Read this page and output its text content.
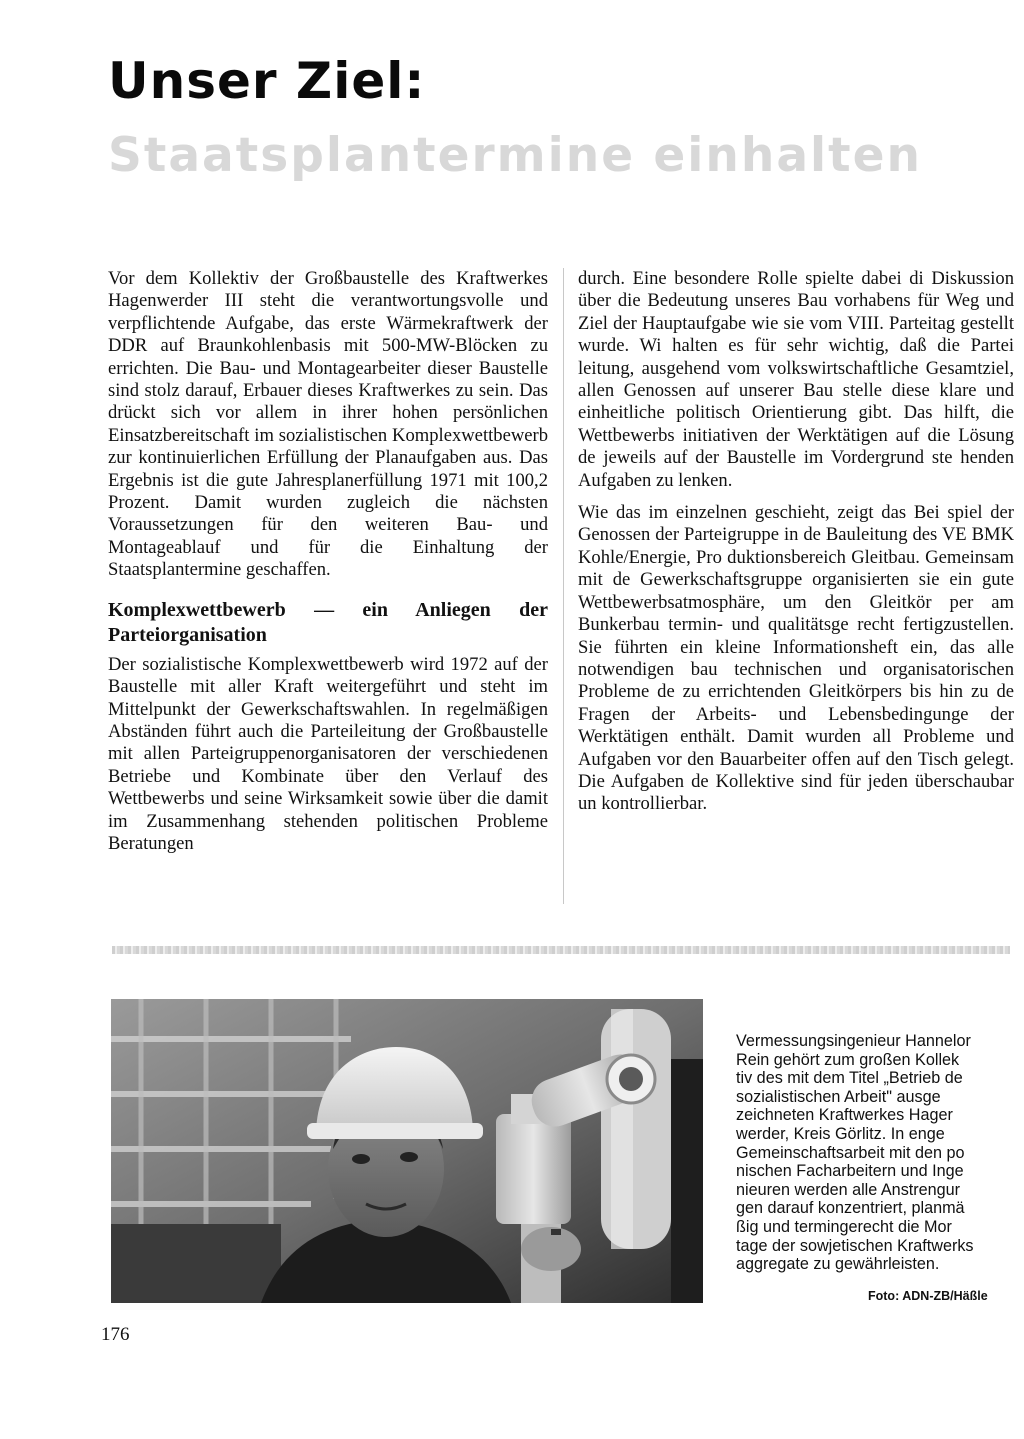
Unser Ziel:
Staatsplantermine einhalten

Vor dem Kollektiv der Großbaustelle des Kraftwerkes Hagenwerder III steht die verantwortungsvolle und verpflichtende Aufgabe, das erste Wärmekraftwerk der DDR auf Braunkohlenbasis mit 500-MW-Blöcken zu errichten. Die Bau- und Montagearbeiter dieser Baustelle sind stolz darauf, Erbauer dieses Kraftwerkes zu sein. Das drückt sich vor allem in ihrer hohen persönlichen Einsatzbereitschaft im sozialistischen Komplexwettbewerb zur kontinuierlichen Erfüllung der Planaufgaben aus. Das Ergebnis ist die gute Jahresplanerfüllung 1971 mit 100,2 Prozent. Damit wurden zugleich die nächsten Voraussetzungen für den weiteren Bau- und Montageablauf und für die Einhaltung der Staatsplantermine geschaffen.

Komplexwettbewerb — ein Anliegen der Parteiorganisation

Der sozialistische Komplexwettbewerb wird 1972 auf der Baustelle mit aller Kraft weitergeführt und steht im Mittelpunkt der Gewerkschaftswahlen. In regelmäßigen Abständen führt auch die Parteileitung der Großbaustelle mit allen Parteigruppenorganisatoren der verschiedenen Betriebe und Kombinate über den Verlauf des Wettbewerbs und seine Wirksamkeit sowie über die damit im Zusammenhang stehenden politischen Probleme Beratungen

durch. Eine besondere Rolle spielte dabei di Diskussion über die Bedeutung unseres Bau vorhabens für Weg und Ziel der Hauptaufgabe wie sie vom VIII. Parteitag gestellt wurde. Wi halten es für sehr wichtig, daß die Partei leitung, ausgehend vom volkswirtschaftliche Gesamtziel, allen Genossen auf unserer Bau stelle diese klare und einheitliche politisch Orientierung gibt. Das hilft, die Wettbewerbs initiativen der Werktätigen auf die Lösung de jeweils auf der Baustelle im Vordergrund ste henden Aufgaben zu lenken.

Wie das im einzelnen geschieht, zeigt das Bei spiel der Genossen der Parteigruppe in de Bauleitung des VE BMK Kohle/Energie, Pro duktionsbereich Gleitbau. Gemeinsam mit de Gewerkschaftsgruppe organisierten sie ein gute Wettbewerbsatmosphäre, um den Gleitkör per am Bunkerbau termin- und qualitätsge recht fertigzustellen. Sie führten ein kleine Informationsheft ein, das alle notwendigen bau technischen und organisatorischen Probleme de zu errichtenden Gleitkörpers bis hin zu de Fragen der Arbeits- und Lebensbedingunge der Werktätigen enthält. Damit wurden all Probleme und Aufgaben vor den Bauarbeiter offen auf den Tisch gelegt. Die Aufgaben de Kollektive sind für jeden überschaubar un kontrollierbar.

Vermessungsingenieur Hannelor
Rein gehört zum großen Kollek
tiv des mit dem Titel „Betrieb de
sozialistischen Arbeit" ausge
zeichneten Kraftwerkes Hager
werder, Kreis Görlitz. In enge
Gemeinschaftsarbeit mit den po
nischen Facharbeitern und Inge
nieuren werden alle Anstrengur
gen darauf konzentriert, planmä
ßig und termingerecht die Mor
tage der sowjetischen Kraftwerks
aggregate zu gewährleisten.
Foto: ADN-ZB/Häßle
176
